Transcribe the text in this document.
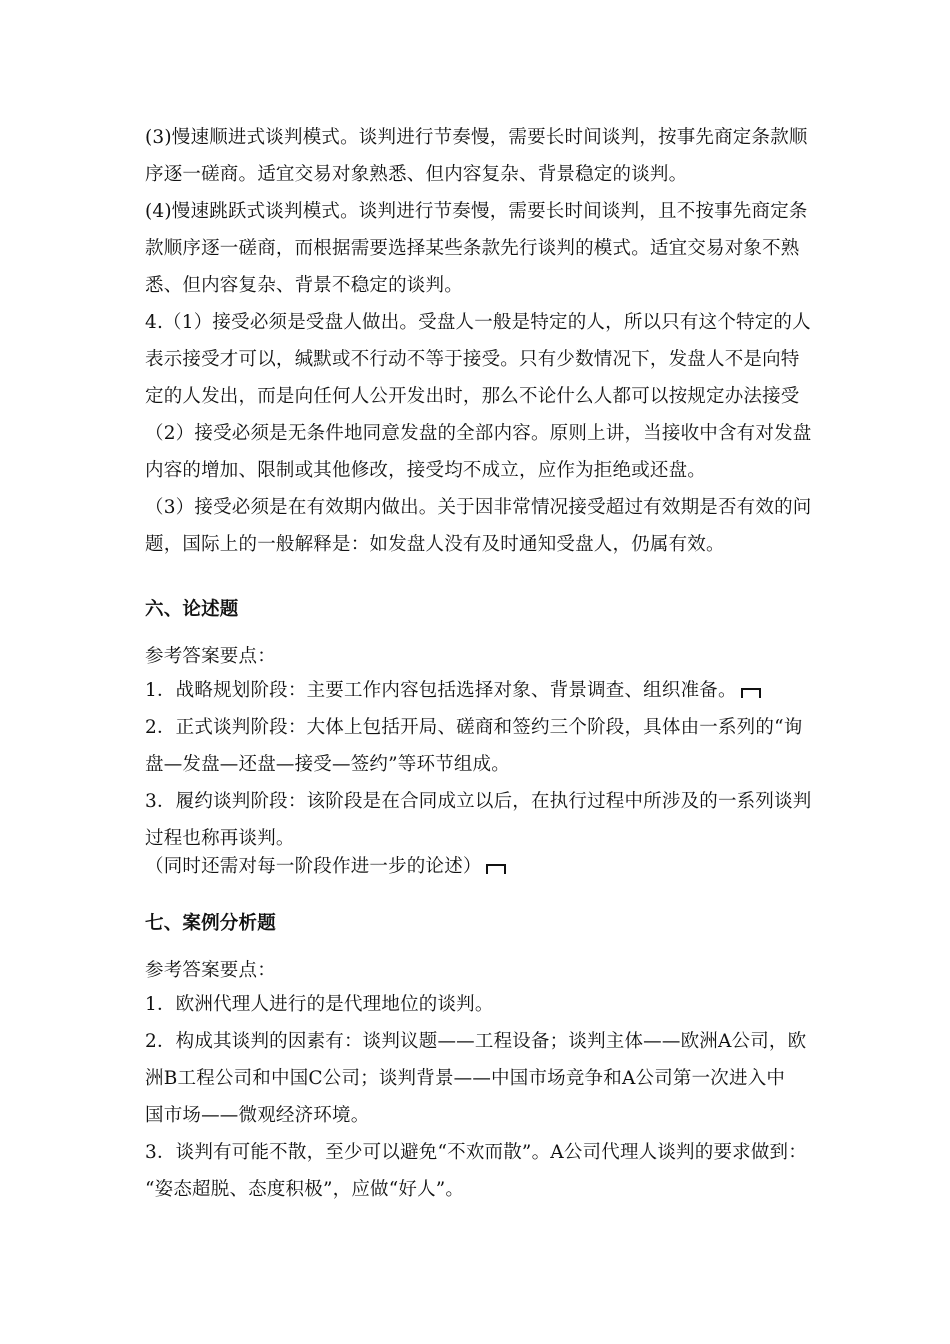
(3)慢速顺进式谈判模式。谈判进行节奏慢，需要长时间谈判，按事先商定条款顺
序逐一磋商。适宜交易对象熟悉、但内容复杂、背景稳定的谈判。
(4)慢速跳跃式谈判模式。谈判进行节奏慢，需要长时间谈判，且不按事先商定条
款顺序逐一磋商，而根据需要选择某些条款先行谈判的模式。适宜交易对象不熟
悉、但内容复杂、背景不稳定的谈判。
4.（1）接受必须是受盘人做出。受盘人一般是特定的人，所以只有这个特定的人
表示接受才可以，缄默或不行动不等于接受。只有少数情况下，发盘人不是向特
定的人发出，而是向任何人公开发出时，那么不论什么人都可以按规定办法接受
（2）接受必须是无条件地同意发盘的全部内容。原则上讲，当接收中含有对发盘
内容的增加、限制或其他修改，接受均不成立，应作为拒绝或还盘。
（3）接受必须是在有效期内做出。关于因非常情况接受超过有效期是否有效的问
题，国际上的一般解释是：如发盘人没有及时通知受盘人，仍属有效。
六、论述题
参考答案要点：
1．战略规划阶段：主要工作内容包括选择对象、背景调查、组织准备。
2．正式谈判阶段：大体上包括开局、磋商和签约三个阶段，具体由一系列的“询
盘—发盘—还盘—接受—签约”等环节组成。
3．履约谈判阶段：该阶段是在合同成立以后，在执行过程中所涉及的一系列谈判
过程也称再谈判。
（同时还需对每一阶段作进一步的论述）
七、案例分析题
参考答案要点：
1．欧洲代理人进行的是代理地位的谈判。
2．构成其谈判的因素有：谈判议题——工程设备；谈判主体——欧洲A公司，欧
洲B工程公司和中国C公司；谈判背景——中国市场竞争和A公司第一次进入中
国市场——微观经济环境。
3．谈判有可能不散，至少可以避免“不欢而散”。A公司代理人谈判的要求做到：
“姿态超脱、态度积极”，应做“好人”。
